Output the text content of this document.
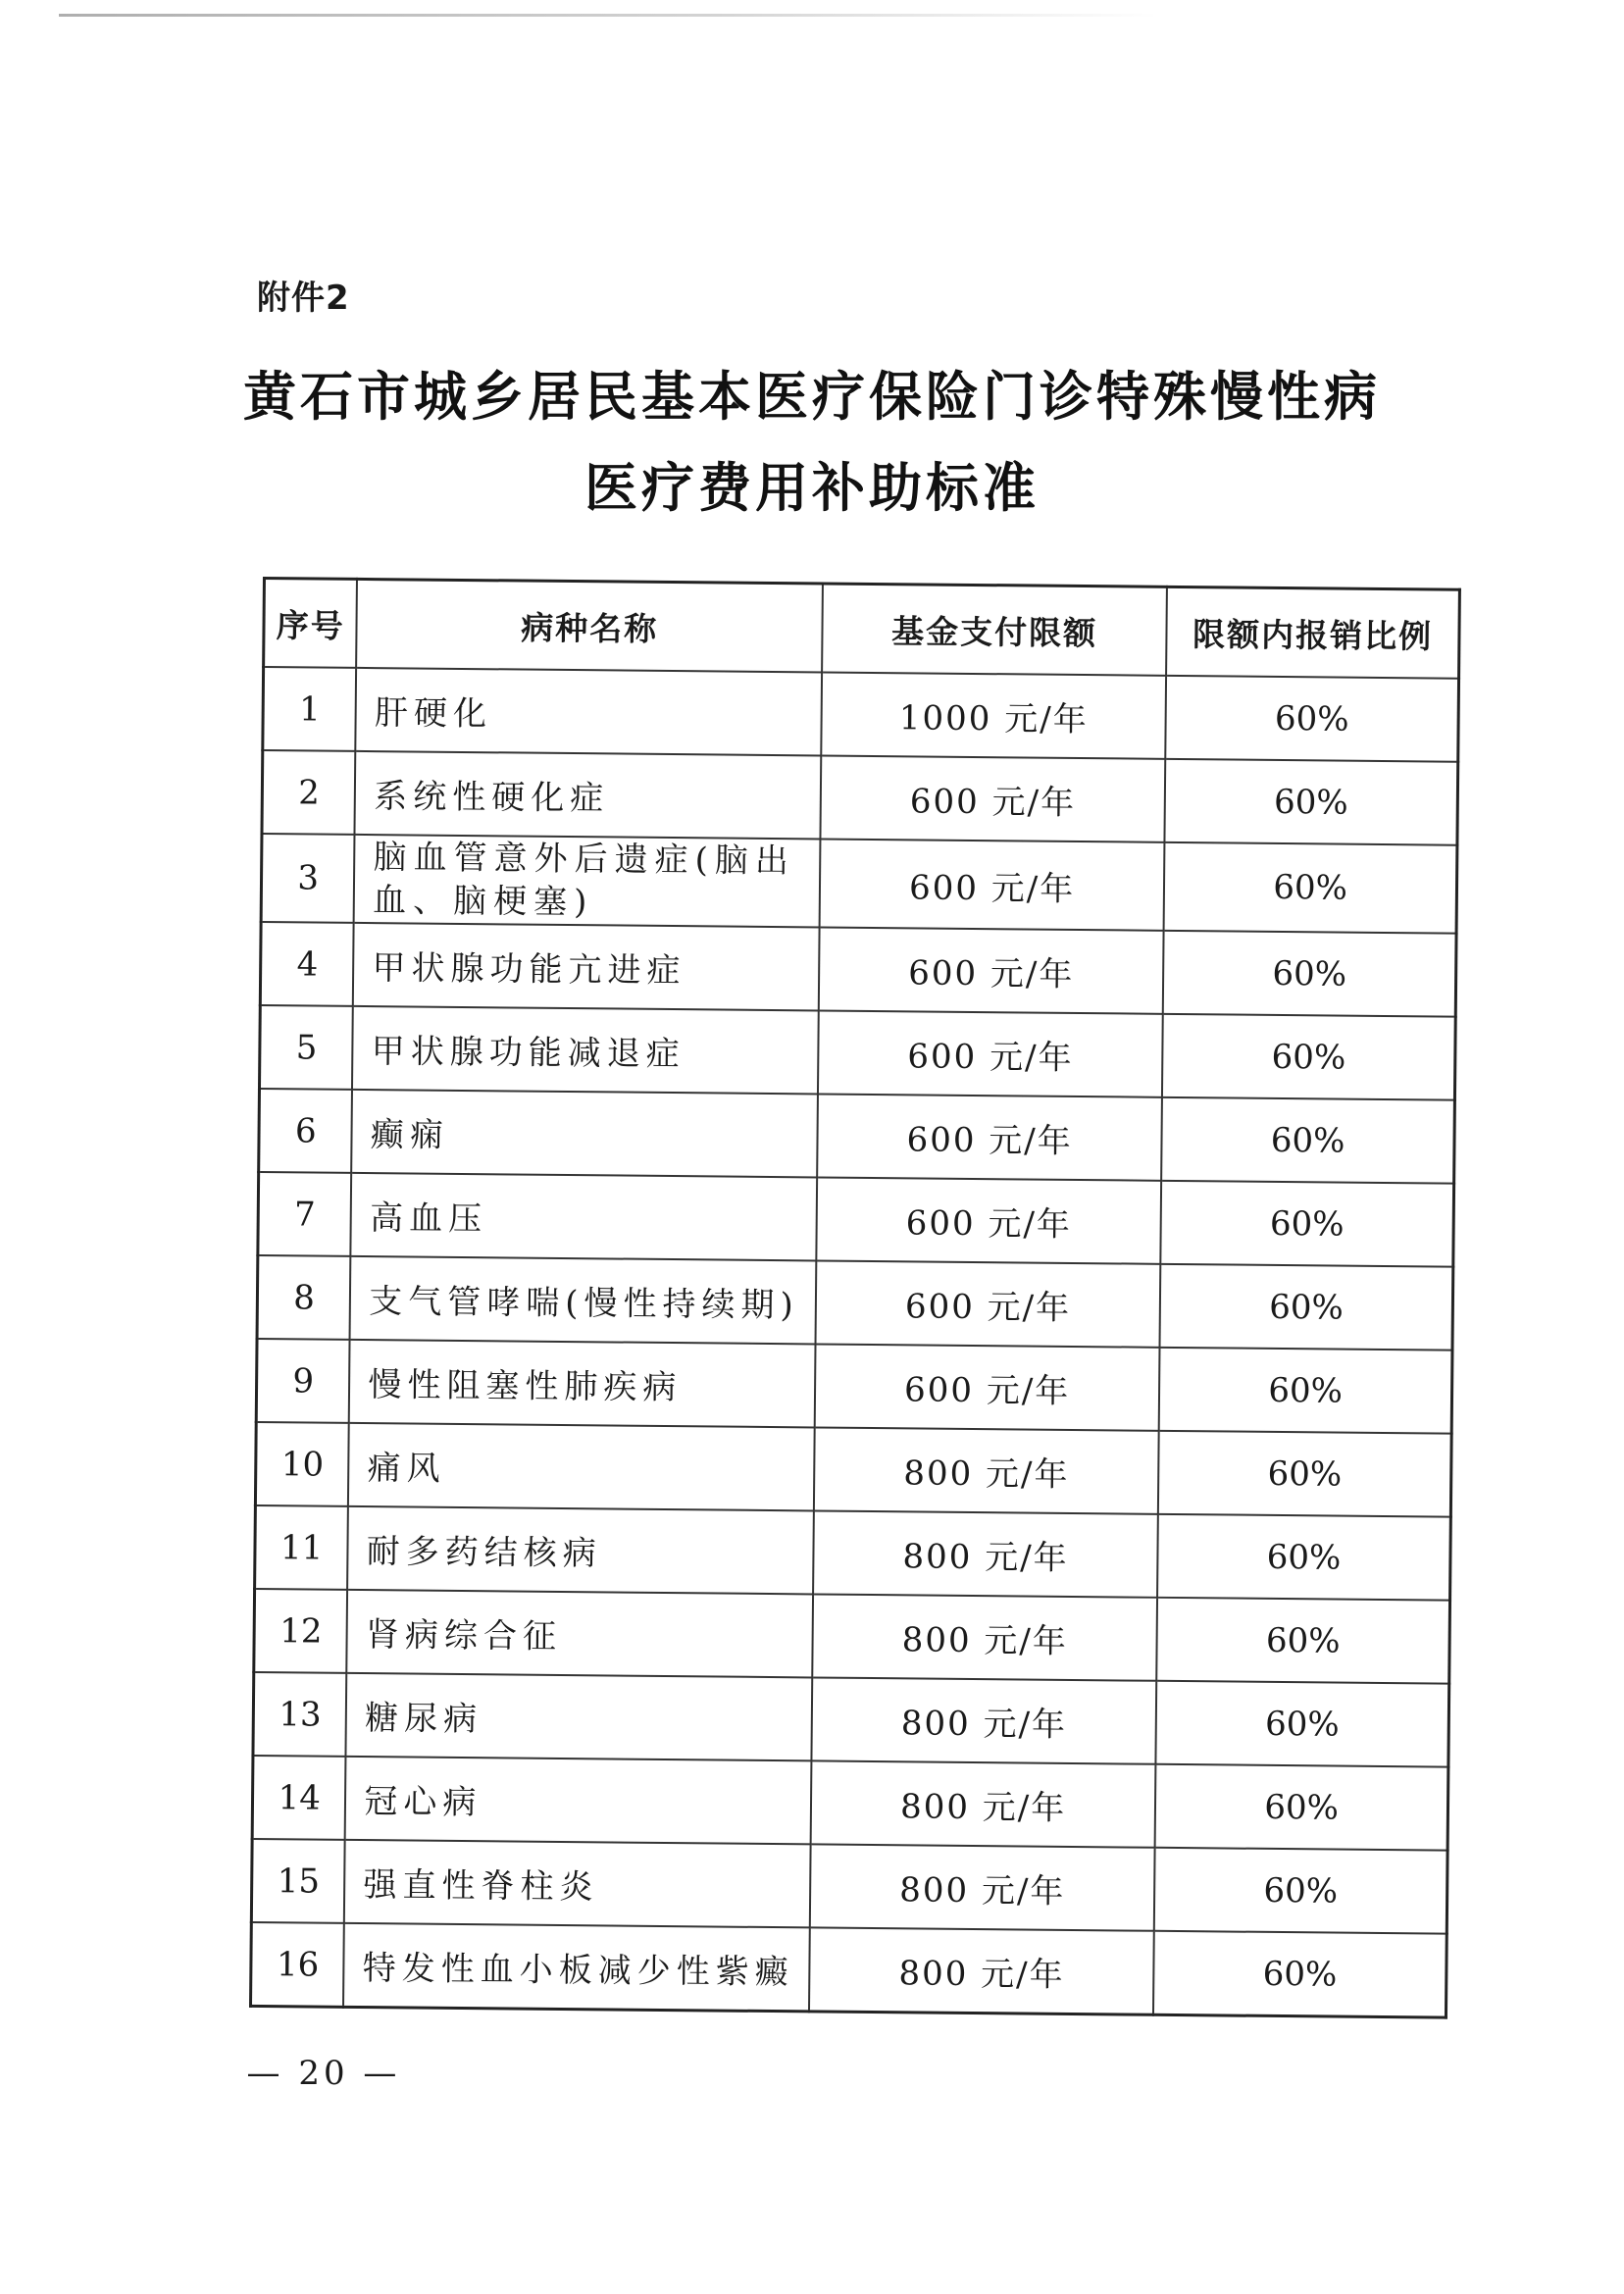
附件2
黄石市城乡居民基本医疗保险门诊特殊慢性病
医疗费用补助标准
序号	病种名称	基金支付限额	限额内报销比例
1	肝硬化	1000 元/年	60%
2	系统性硬化症	600 元/年	60%
3	脑血管意外后遗症(脑出血、脑梗塞)	600 元/年	60%
4	甲状腺功能亢进症	600 元/年	60%
5	甲状腺功能减退症	600 元/年	60%
6	癫痫	600 元/年	60%
7	高血压	600 元/年	60%
8	支气管哮喘(慢性持续期)	600 元/年	60%
9	慢性阻塞性肺疾病	600 元/年	60%
10	痛风	800 元/年	60%
11	耐多药结核病	800 元/年	60%
12	肾病综合征	800 元/年	60%
13	糖尿病	800 元/年	60%
14	冠心病	800 元/年	60%
15	强直性脊柱炎	800 元/年	60%
16	特发性血小板减少性紫癜	800 元/年	60%
— 20 —
